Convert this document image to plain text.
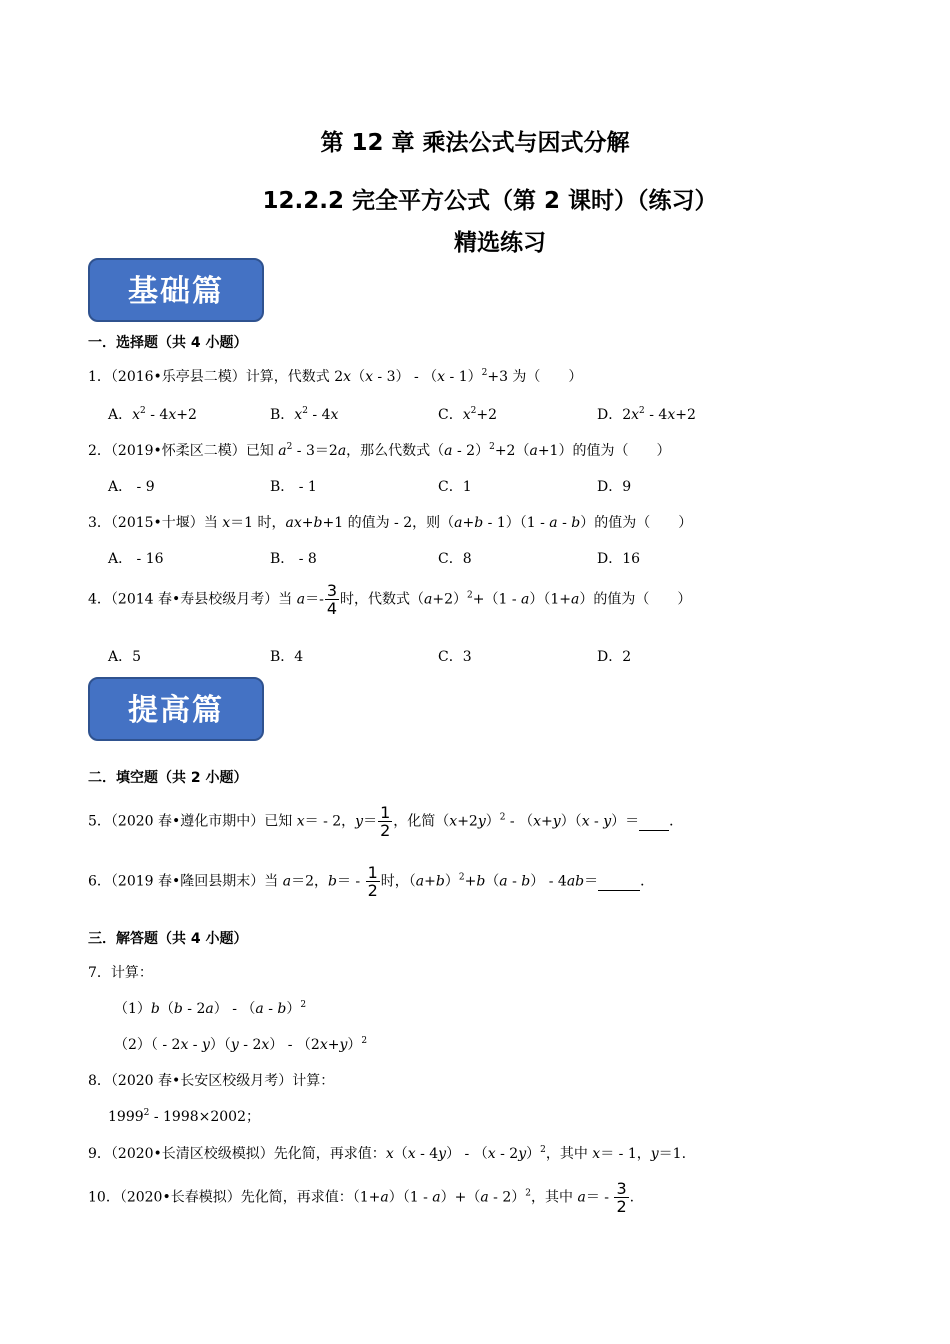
第 12 章 乘法公式与因式分解
12.2.2 完全平方公式（第 2 课时）（练习）
精选练习
基础篇
一．选择题（共 4 小题）
1．（2016•乐亭县二模）计算，代数式 2x（x - 3） - （x - 1）$^2$+3 为（　　）
A．$x^2 - 4x+2$	B．$x^2 - 4x$	C．$x^2+2$	D．$2x^2 - 4x+2$
2．（2019•怀柔区二模）已知 $a^2 - 3=2a$，那么代数式（a - 2）$^2$+2（a+1）的值为（　　）
A． - 9	B． - 1	C．1	D．9
3．（2015•十堰）当 x＝1 时，ax+b+1 的值为 - 2，则（a+b - 1）（1 - a - b）的值为（　　）
A． - 16	B． - 8	C．8	D．16
4．（2014 春•寿县校级月考）当 $a=- \frac{3}{4}$ 时，代数式$(a+2)^2+(1 - a)(1+a)$的值为（　　）
A．5	B．4	C．3	D．2
提高篇
二．填空题（共 2 小题）
5．（2020 春•遵化市期中）已知 x＝ - 2，$y= \frac{1}{2}$ ，化简$(x+2y)^2 - (x+y)(x - y)=$ ．
6．（2019 春•隆回县期末）当 a＝2，$b= - \frac{1}{2}$ 时，$(a+b)^2+b(a - b) - 4ab=$	．
三．解答题（共 4 小题）
7．计算：
（1）b（b - 2a） - （a - b）$^2$
$(2)( - 2x - y)(y - 2x) - (2x+y)^2$
8．（2020 春•长安区校级月考）计算：
1999$^2$ - 1998×2002；
9．（2020•长清区校级模拟）先化简，再求值：x（x - 4y） - （x - 2y）$^2$，其中 x＝ - 1，y＝1.
10．（2020•长春模拟）先化简，再求值：（1+a）（1 - a）+（a - 2）$^2$，其中 $a= - \frac{3}{2}$ .
